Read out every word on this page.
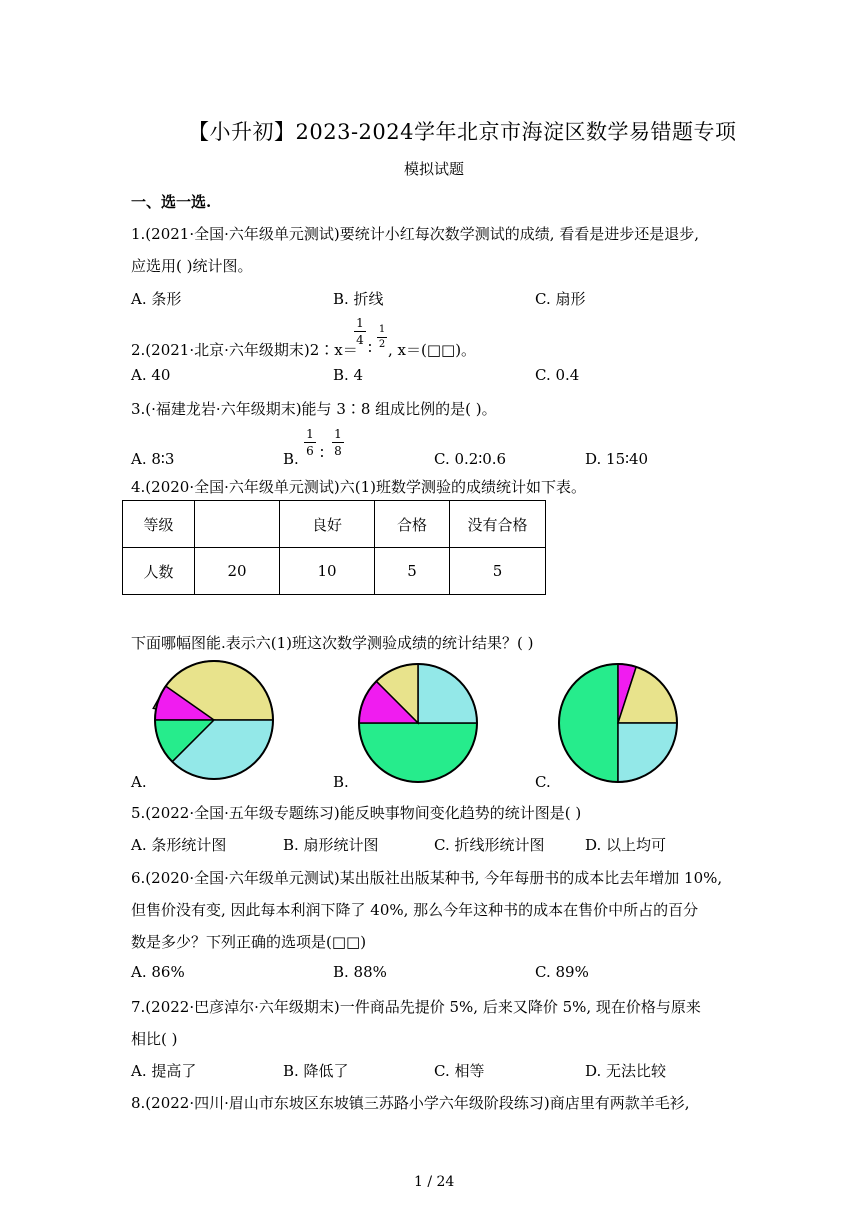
【小升初】2023-2024学年北京市海淀区数学易错题专项
模拟试题
一、选一选.
1.(2021·全国·六年级单元测试)要统计小红每次数学测试的成绩, 看看是进步还是退步,
应选用( )统计图。
A. 条形	B. 折线	C. 扇形
2.(2021·北京·六年级期末)2∶x＝
1
4 ∶
1
2 , x＝(□□)。
A. 40	B. 4	C. 0.4
3.(·福建龙岩·六年级期末)能与 3∶8 组成比例的是( )。
A. 8∶3	B.
1
6 ∶
1
8	C. 0.2∶0.6	D. 15∶40
4.(2020·全国·六年级单元测试)六(1)班数学测验的成绩统计如下表。
等级		良好	合格	没有合格
人数	20	10	5	5
下面哪幅图能.表示六(1)班这次数学测验成绩的统计结果？( )
A.	B.	C.
5.(2022·全国·五年级专题练习)能反映事物间变化趋势的统计图是( )
A. 条形统计图	B. 扇形统计图	C. 折线形统计图	D. 以上均可
6.(2020·全国·六年级单元测试)某出版社出版某种书, 今年每册书的成本比去年增加 10%,
但售价没有变, 因此每本利润下降了 40%, 那么今年这种书的成本在售价中所占的百分
数是多少？下列正确的选项是(□□)
A. 86%	B. 88%	C. 89%
7.(2022·巴彦淖尔·六年级期末)一件商品先提价 5%, 后来又降价 5%, 现在价格与原来
相比( )
A. 提高了	B. 降低了	C. 相等	D. 无法比较
8.(2022·四川·眉山市东坡区东坡镇三苏路小学六年级阶段练习)商店里有两款羊毛衫,
1 / 24
